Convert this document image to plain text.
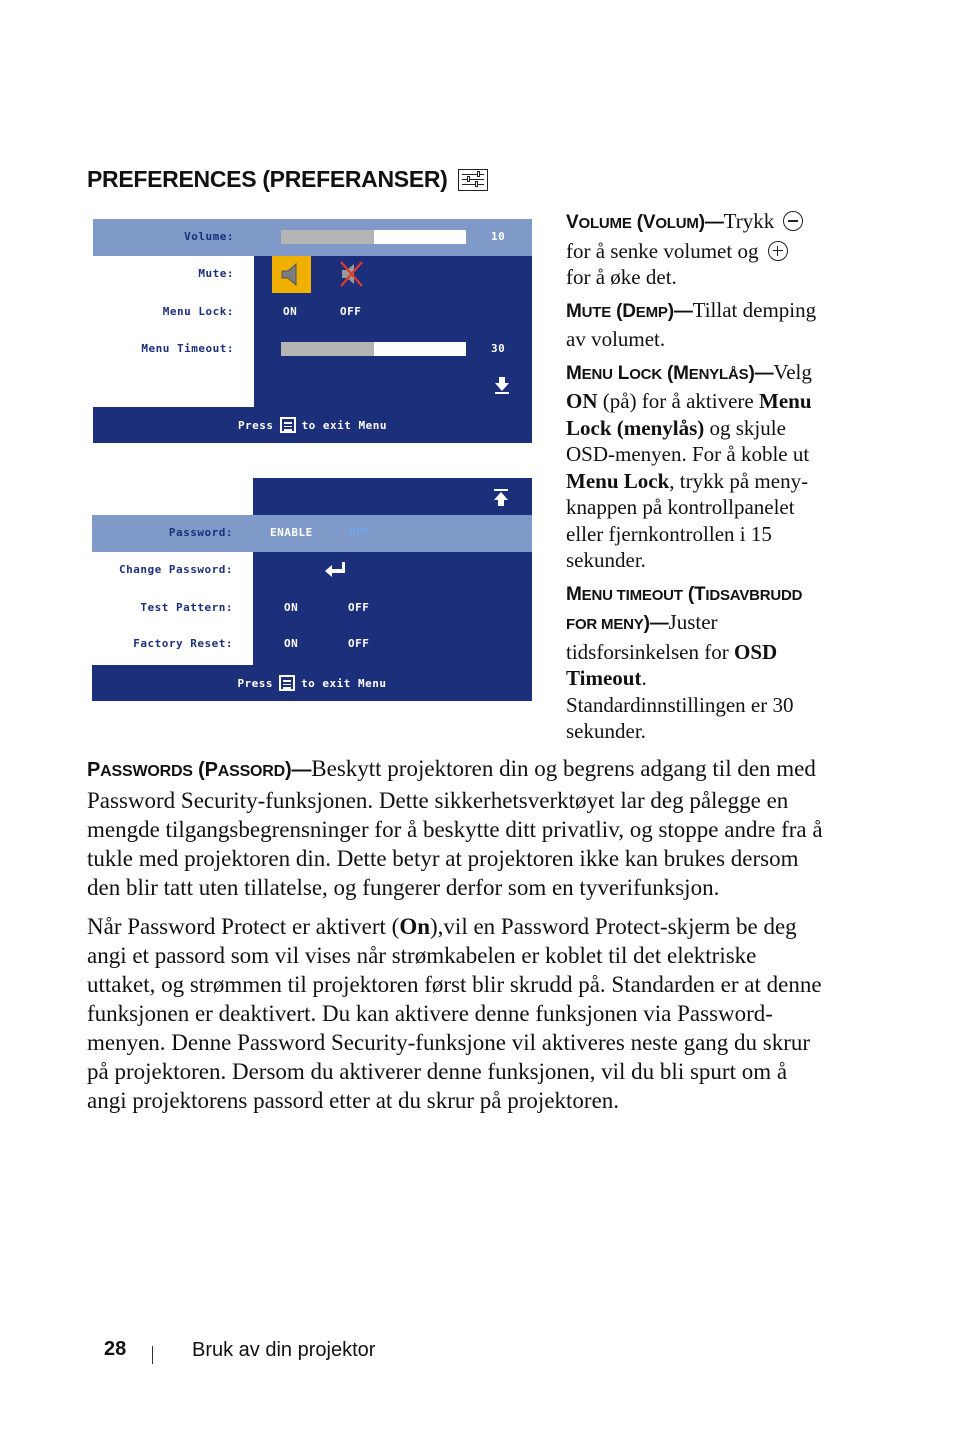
PREFERENCES (PREFERANSER)
Volume:	10
Mute:
Menu Lock:	ON	OFF
Menu Timeout:	30
Press	to exit Menu
Password:	ENABLE	OFF
Change Password:
Test Pattern:	ON	OFF
Factory Reset:	ON	OFF
Press	to exit Menu

VOLUME (VOLUM)—Trykk

for å senke volumet og

for å øke det.

MUTE (DEMP)—Tillat demping av volumet.

MENU LOCK (MENYLÅS)—Velg ON (på) for å aktivere Menu Lock (menylås) og skjule OSD-menyen. For å koble ut Menu Lock, trykk på meny-knappen på kontrollpanelet eller fjernkontrollen i 15 sekunder.

MENU TIMEOUT (TIDSAVBRUDD FOR MENY)—Juster tidsforsinkelsen for OSD Timeout. Standardinnstillingen er 30 sekunder.

PASSWORDS (PASSORD)—Beskytt projektoren din og begrens adgang til den med Password Security-funksjonen. Dette sikkerhetsverktøyet lar deg pålegge en mengde tilgangsbegrensninger for å beskytte ditt privatliv, og stoppe andre fra å tukle med projektoren din. Dette betyr at projektoren ikke kan brukes dersom den blir tatt uten tillatelse, og fungerer derfor som en tyverifunksjon.

Når Password Protect er aktivert (On),vil en Password Protect-skjerm be deg angi et passord som vil vises når strømkabelen er koblet til det elektriske uttaket, og strømmen til projektoren først blir skrudd på. Standarden er at denne funksjonen er deaktivert. Du kan aktivere denne funksjonen via Password-menyen. Denne Password Security-funksjone vil aktiveres neste gang du skrur på projektoren. Dersom du aktiverer denne funksjonen, vil du bli spurt om å angi projektorens passord etter at du skrur på projektoren.

28	Bruk av din projektor
